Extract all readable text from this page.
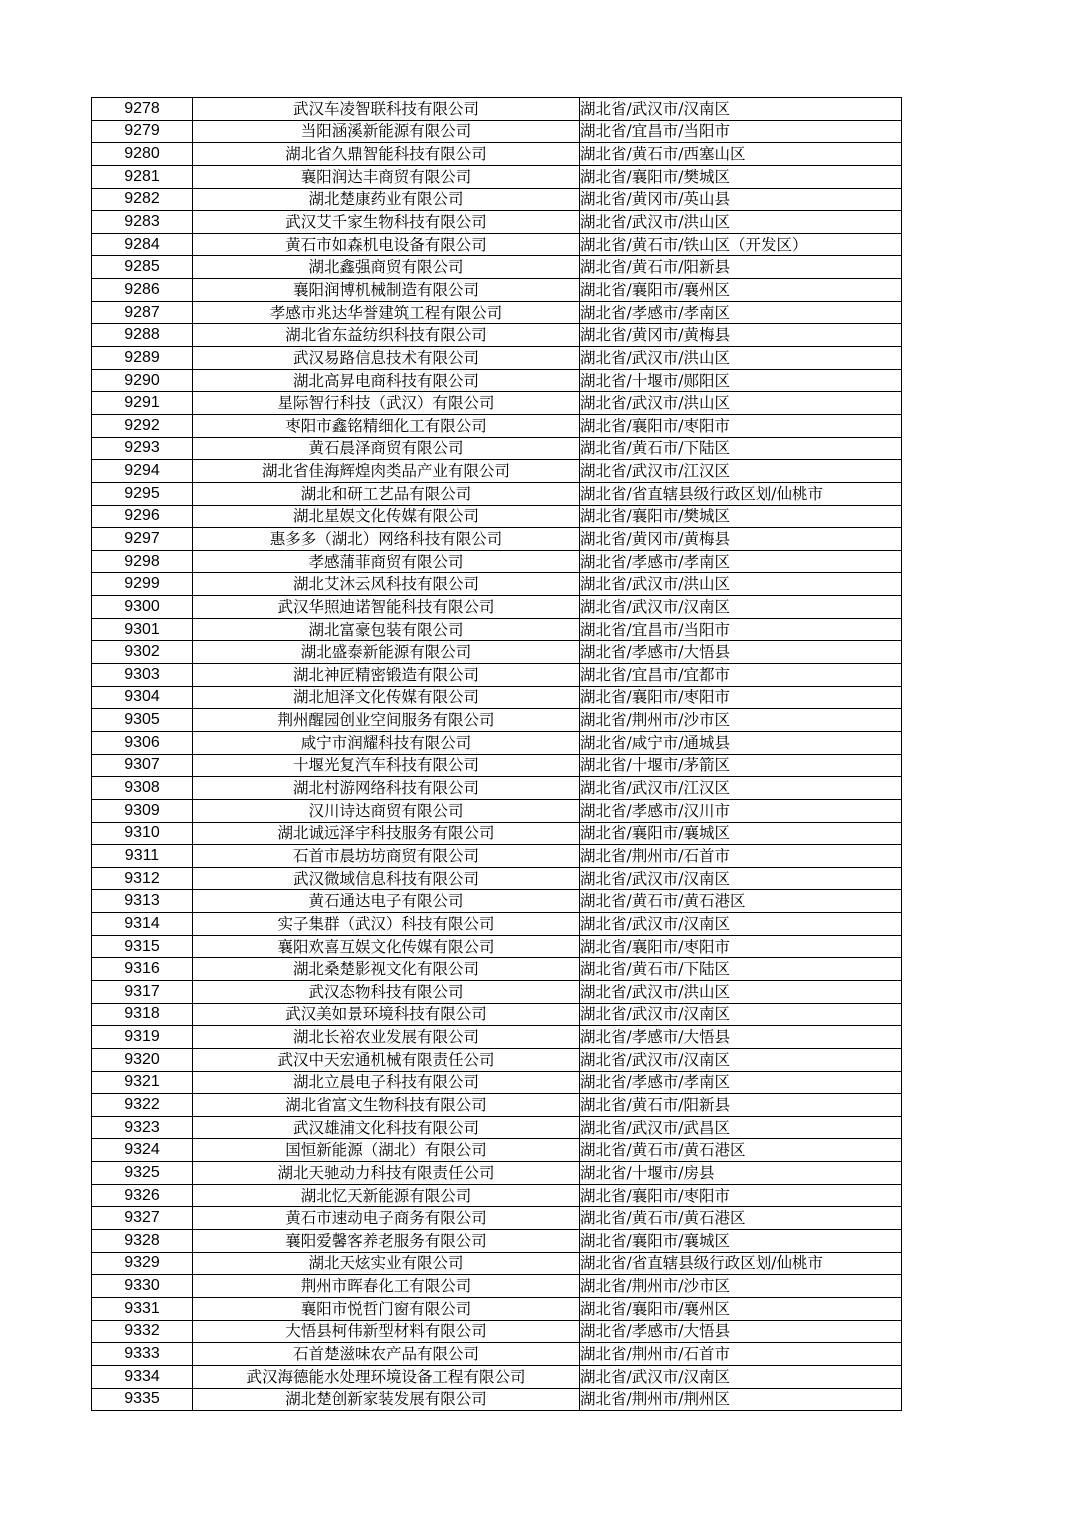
9278	武汉车凌智联科技有限公司	湖北省/武汉市/汉南区
9279	当阳涵溪新能源有限公司	湖北省/宜昌市/当阳市
9280	湖北省久鼎智能科技有限公司	湖北省/黄石市/西塞山区
9281	襄阳润达丰商贸有限公司	湖北省/襄阳市/樊城区
9282	湖北楚康药业有限公司	湖北省/黄冈市/英山县
9283	武汉艾千家生物科技有限公司	湖北省/武汉市/洪山区
9284	黄石市如森机电设备有限公司	湖北省/黄石市/铁山区（开发区）
9285	湖北鑫强商贸有限公司	湖北省/黄石市/阳新县
9286	襄阳润博机械制造有限公司	湖北省/襄阳市/襄州区
9287	孝感市兆达华誉建筑工程有限公司	湖北省/孝感市/孝南区
9288	湖北省东益纺织科技有限公司	湖北省/黄冈市/黄梅县
9289	武汉易路信息技术有限公司	湖北省/武汉市/洪山区
9290	湖北高昇电商科技有限公司	湖北省/十堰市/郧阳区
9291	星际智行科技（武汉）有限公司	湖北省/武汉市/洪山区
9292	枣阳市鑫铭精细化工有限公司	湖北省/襄阳市/枣阳市
9293	黄石晨泽商贸有限公司	湖北省/黄石市/下陆区
9294	湖北省佳海辉煌肉类品产业有限公司	湖北省/武汉市/江汉区
9295	湖北和研工艺品有限公司	湖北省/省直辖县级行政区划/仙桃市
9296	湖北星娱文化传媒有限公司	湖北省/襄阳市/樊城区
9297	惠多多（湖北）网络科技有限公司	湖北省/黄冈市/黄梅县
9298	孝感蒲菲商贸有限公司	湖北省/孝感市/孝南区
9299	湖北艾沐云风科技有限公司	湖北省/武汉市/洪山区
9300	武汉华照迪诺智能科技有限公司	湖北省/武汉市/汉南区
9301	湖北富豪包装有限公司	湖北省/宜昌市/当阳市
9302	湖北盛泰新能源有限公司	湖北省/孝感市/大悟县
9303	湖北神匠精密锻造有限公司	湖北省/宜昌市/宜都市
9304	湖北旭泽文化传媒有限公司	湖北省/襄阳市/枣阳市
9305	荆州醒园创业空间服务有限公司	湖北省/荆州市/沙市区
9306	咸宁市润耀科技有限公司	湖北省/咸宁市/通城县
9307	十堰光复汽车科技有限公司	湖北省/十堰市/茅箭区
9308	湖北村游网络科技有限公司	湖北省/武汉市/江汉区
9309	汉川诗达商贸有限公司	湖北省/孝感市/汉川市
9310	湖北诚远泽宇科技服务有限公司	湖北省/襄阳市/襄城区
9311	石首市晨坊坊商贸有限公司	湖北省/荆州市/石首市
9312	武汉微域信息科技有限公司	湖北省/武汉市/汉南区
9313	黄石通达电子有限公司	湖北省/黄石市/黄石港区
9314	实子集群（武汉）科技有限公司	湖北省/武汉市/汉南区
9315	襄阳欢喜互娱文化传媒有限公司	湖北省/襄阳市/枣阳市
9316	湖北桑楚影视文化有限公司	湖北省/黄石市/下陆区
9317	武汉态物科技有限公司	湖北省/武汉市/洪山区
9318	武汉美如景环境科技有限公司	湖北省/武汉市/汉南区
9319	湖北长裕农业发展有限公司	湖北省/孝感市/大悟县
9320	武汉中天宏通机械有限责任公司	湖北省/武汉市/汉南区
9321	湖北立晨电子科技有限公司	湖北省/孝感市/孝南区
9322	湖北省富文生物科技有限公司	湖北省/黄石市/阳新县
9323	武汉雄浦文化科技有限公司	湖北省/武汉市/武昌区
9324	国恒新能源（湖北）有限公司	湖北省/黄石市/黄石港区
9325	湖北天驰动力科技有限责任公司	湖北省/十堰市/房县
9326	湖北忆天新能源有限公司	湖北省/襄阳市/枣阳市
9327	黄石市速动电子商务有限公司	湖北省/黄石市/黄石港区
9328	襄阳爱馨客养老服务有限公司	湖北省/襄阳市/襄城区
9329	湖北天炫实业有限公司	湖北省/省直辖县级行政区划/仙桃市
9330	荆州市晖春化工有限公司	湖北省/荆州市/沙市区
9331	襄阳市悦哲门窗有限公司	湖北省/襄阳市/襄州区
9332	大悟县柯伟新型材料有限公司	湖北省/孝感市/大悟县
9333	石首楚滋味农产品有限公司	湖北省/荆州市/石首市
9334	武汉海德能水处理环境设备工程有限公司	湖北省/武汉市/汉南区
9335	湖北楚创新家装发展有限公司	湖北省/荆州市/荆州区
